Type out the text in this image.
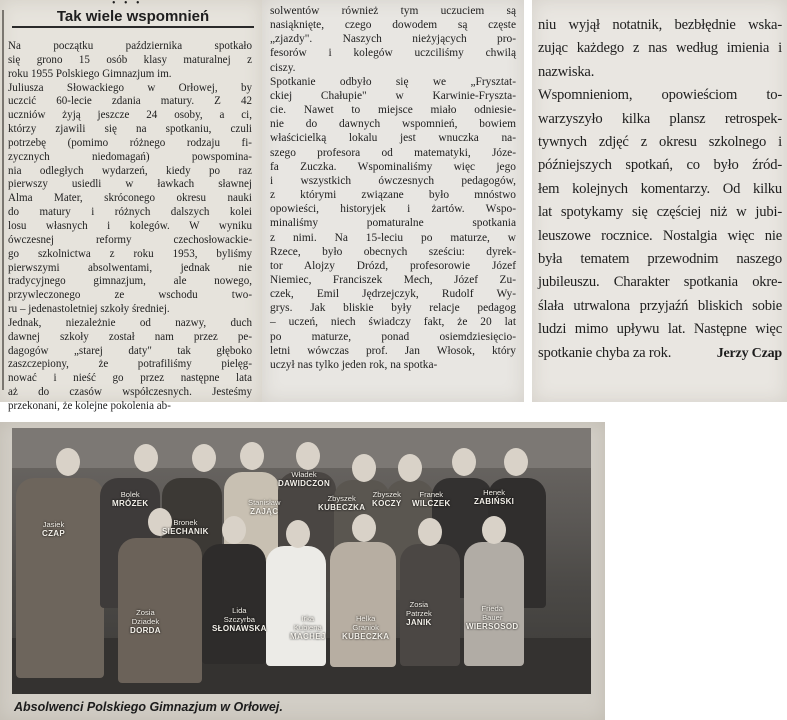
• • •
Tak wiele wspomnień
Na początku października spotkało
się grono 15 osób klasy maturalnej z
roku 1955 Polskiego Gimnazjum im.
Juliusza Słowackiego w Orłowej, by
uczcić 60-lecie zdania matury. Z 42
uczniów żyją jeszcze 24 osoby, a ci,
którzy zjawili się na spotkaniu, czuli
potrzebę (pomimo różnego rodzaju fi-
zycznych niedomagań) powspomina-
nia odległych wydarzeń, kiedy po raz
pierwszy usiedli w ławkach sławnej
Alma Mater, skróconego okresu nauki
do matury i różnych dalszych kolei
losu własnych i kolegów. W wyniku
ówczesnej reformy czechosłowackie-
go szkolnictwa z roku 1953, byliśmy
pierwszymi absolwentami, jednak nie
tradycyjnego gimnazjum, ale nowego,
przywleczonego ze wschodu two-
ru – jedenastoletniej szkoły średniej.
Jednak, niezależnie od nazwy, duch
dawnej szkoły został nam przez pe-
dagogów „starej daty" tak głęboko
zaszczepiony, że potrafiliśmy pielęg-
nować i nieść go przez następne lata
aż do czasów współczesnych. Jesteśmy
przekonani, że kolejne pokolenia ab-
solwentów również tym uczuciem są
nasiąknięte, czego dowodem są częste
„zjazdy". Naszych nieżyjących pro-
fesorów i kolegów uczciliśmy chwilą
ciszy.
Spotkanie odbyło się we „Frysztat-
ckiej Chałupie" w Karwinie-Frysztа-
cie. Nawet to miejsce miało odniesie-
nie do dawnych wspomnień, bowiem
właścicielką lokalu jest wnuczka na-
szego profesora od matematyki, Józe-
fa Zuczka. Wspominaliśmy więc jego
i wszystkich ówczesnych pedagogów,
z którymi związane było mnóstwo
opowieści, historyjek i żartów. Wspo-
minaliśmy pomaturalne spotkania
z nimi. Na 15-leciu po maturze, w
Rzece, było obecnych sześciu: dyrek-
tor Alojzy Drózd, profesorowie Józef
Niemiec, Franciszek Mech, Józef Zu-
czek, Emil Jędrzejczyk, Rudolf Wy-
grys. Jak bliskie były relacje pedagog
– uczeń, niech świadczy fakt, że 20 lat
po maturze, ponad osiemdziesięcio-
letni wówczas prof. Jan Włosok, który
uczył nas tylko jeden rok, na spotka-
niu wyjął notatnik, bezbłędnie wska-
zując każdego z nas według imienia i
nazwiska.
Wspomnieniom, opowieściom to-
warzyszyło kilka plansz retrospek-
tywnych zdjęć z okresu szkolnego i
późniejszych spotkań, co było źród-
łem kolejnych komentarzy. Od kilku
lat spotykamy się częściej niż w jubi-
leuszowe rocznice. Nostalgia więc nie
była tematem przewodnim naszego
jubileuszu. Charakter spotkania okre-
ślała utrwalona przyjaźń bliskich sobie
ludzi mimo upływu lat. Następne więc
spotkanie chyba za rok.	Jerzy Czap
Bolek
MRÓZEK
Bronek
SIECHANIK
Władek
DAWIDCZON
Jasiek
CZAP
Zbyszek
KUBECZKA
Zbyszek
KOCZY
Franek
WILCZEK
Henek
ZABIŃSKI
Stanisław
ZAJĄC
Zosia
Dziadek
DORDA
Lida
Szczyrba
SŁONAWSKA
Irka
Kubiena
MACHEJ
Helka
Graniok
KUBECZKA
Zosia
Patrzek
JANIK
Frieda
Bauer
WIERSOSOD
Absolwenci Polskiego Gimnazjum w Orłowej.
